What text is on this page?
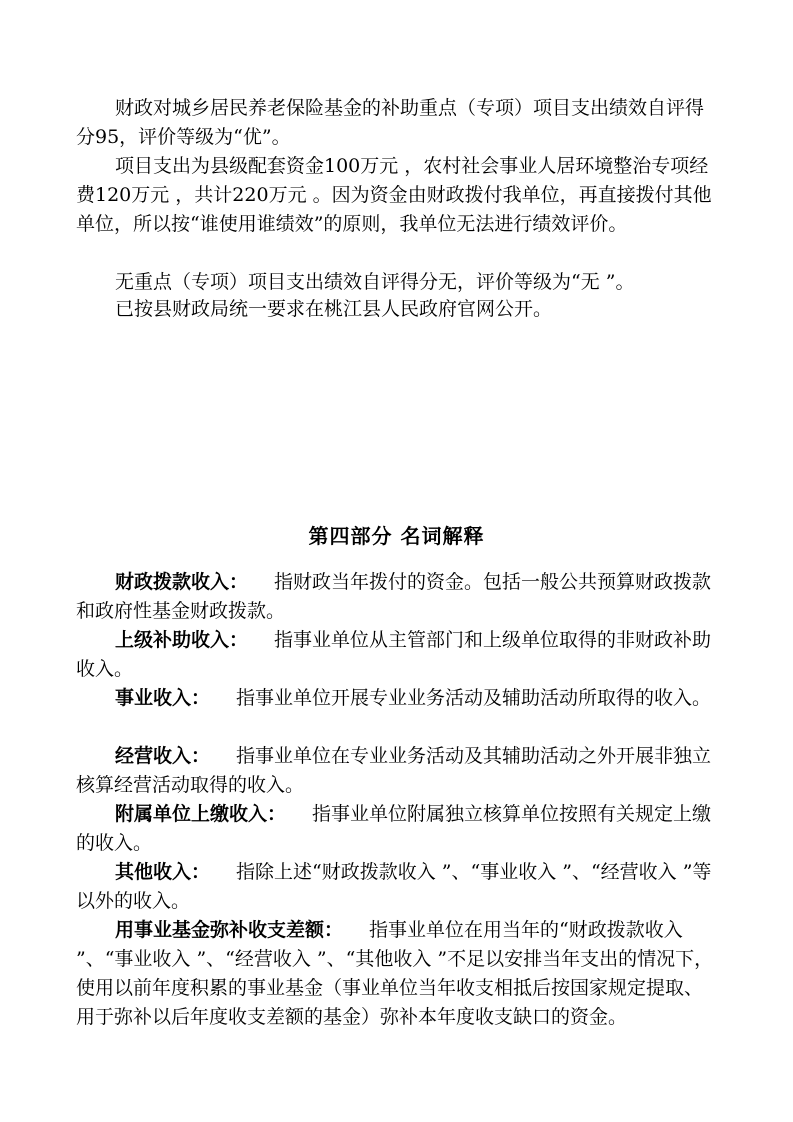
财政对城乡居民养老保险基金的补助重点（专项）项目支出绩效自评得分95，评价等级为“优”。

项目支出为县级配套资金100万元 ，农村社会事业人居环境整治专项经费120万元 ，共计220万元 。因为资金由财政拨付我单位，再直接拨付其他单位，所以按“谁使用谁绩效”的原则，我单位无法进行绩效评价。

无重点（专项）项目支出绩效自评得分无，评价等级为“无 ”。

已按县财政局统一要求在桃江县人民政府官网公开。

第四部分 名词解释

财政拨款收入： 指财政当年拨付的资金。包括一般公共预算财政拨款和政府性基金财政拨款。

上级补助收入： 指事业单位从主管部门和上级单位取得的非财政补助收入。

事业收入： 指事业单位开展专业业务活动及辅助活动所取得的收入。

经营收入： 指事业单位在专业业务活动及其辅助活动之外开展非独立核算经营活动取得的收入。

附属单位上缴收入： 指事业单位附属独立核算单位按照有关规定上缴的收入。

其他收入： 指除上述“财政拨款收入 ”、“事业收入 ”、“经营收入 ”等以外的收入。

用事业基金弥补收支差额： 指事业单位在用当年的“财政拨款收入 ”、“事业收入 ”、“经营收入 ”、“其他收入 ”不足以安排当年支出的情况下，使用以前年度积累的事业基金（事业单位当年收支相抵后按国家规定提取、用于弥补以后年度收支差额的基金）弥补本年度收支缺口的资金。
